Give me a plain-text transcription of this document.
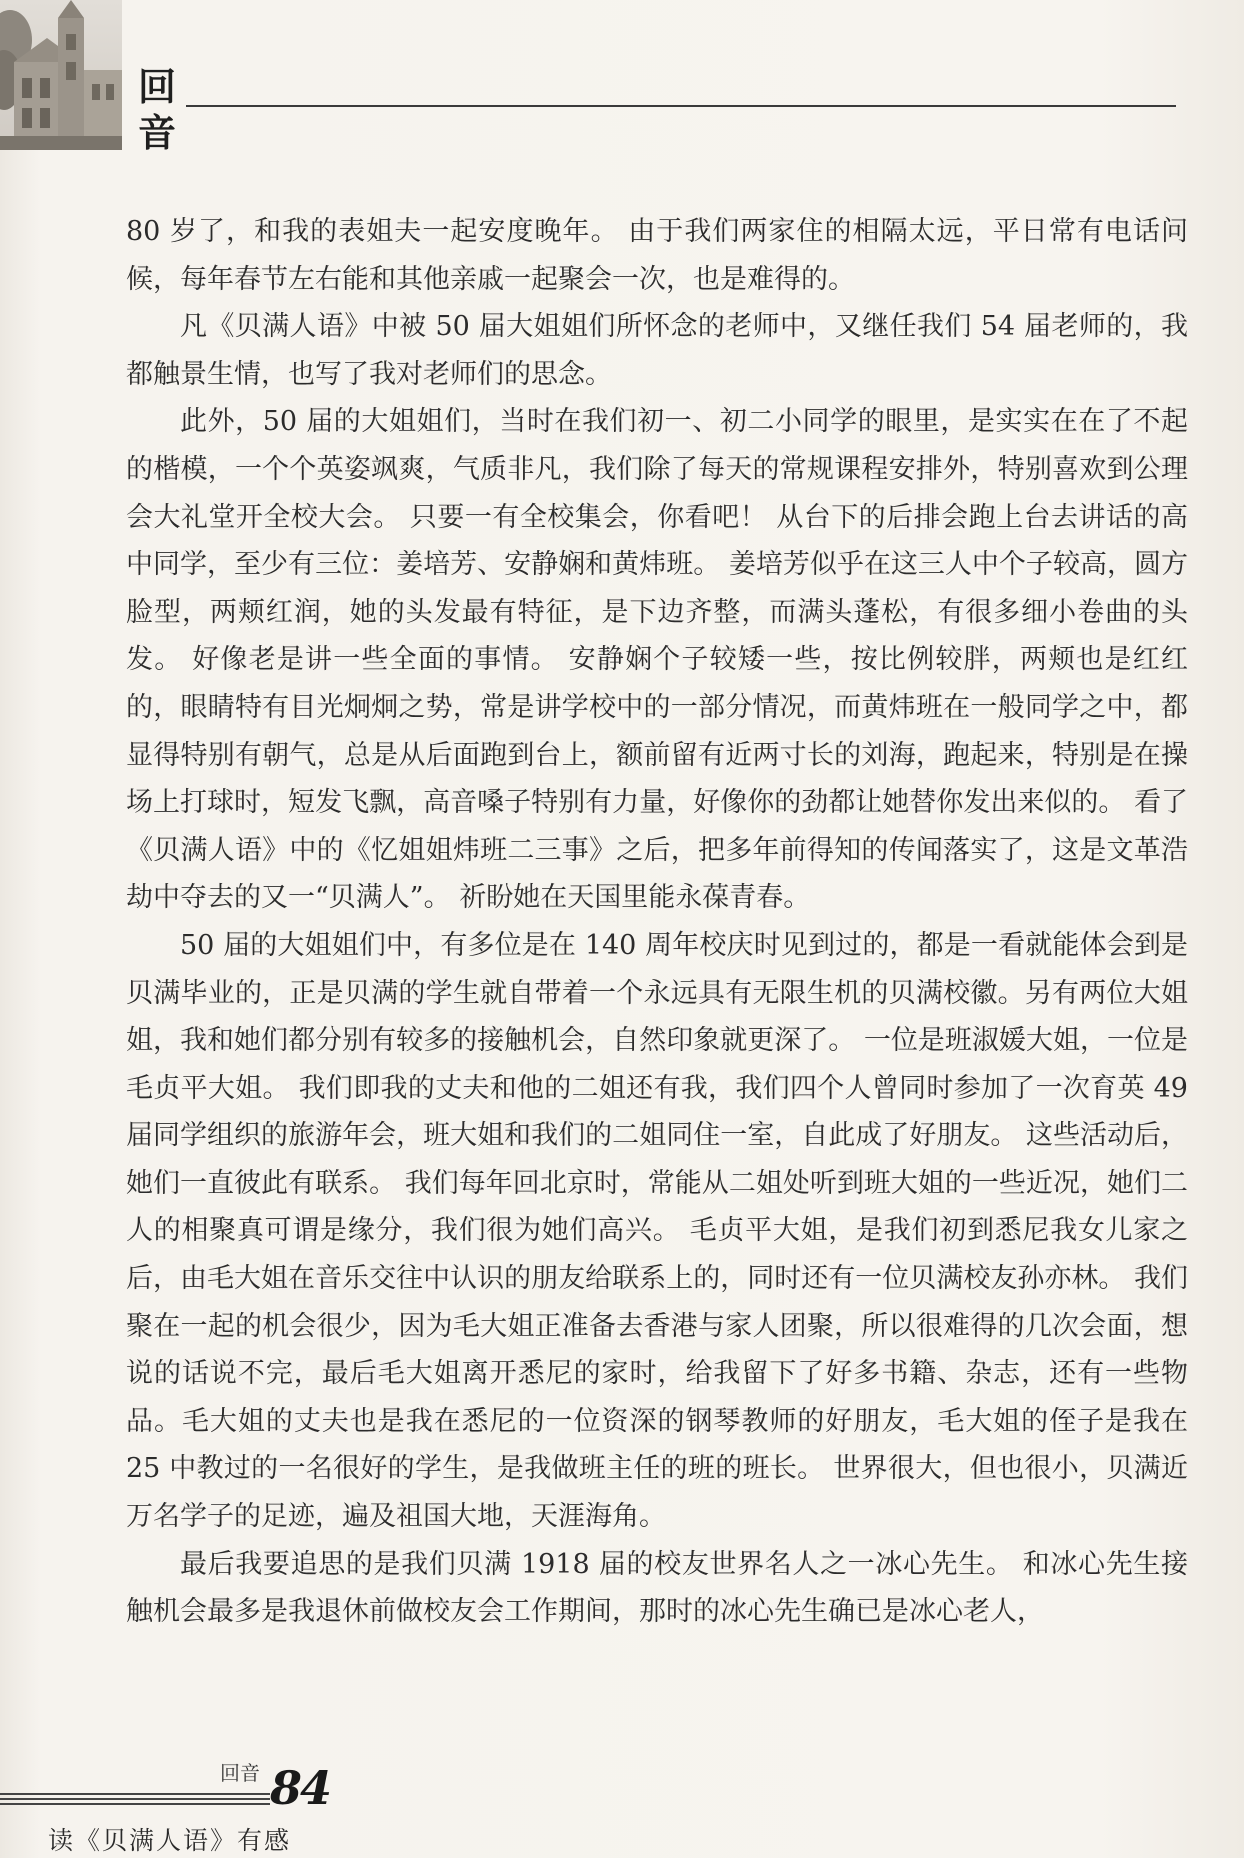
回
音

80 岁了，和我的表姐夫一起安度晚年。 由于我们两家住的相隔太远，平日常有电话问候，每年春节左右能和其他亲戚一起聚会一次，也是难得的。

凡《贝满人语》中被 50 届大姐姐们所怀念的老师中，又继任我们 54 届老师的，我都触景生情，也写了我对老师们的思念。

此外，50 届的大姐姐们，当时在我们初一、初二小同学的眼里，是实实在在了不起的楷模，一个个英姿飒爽，气质非凡，我们除了每天的常规课程安排外，特别喜欢到公理会大礼堂开全校大会。 只要一有全校集会，你看吧！ 从台下的后排会跑上台去讲话的高中同学，至少有三位：姜培芳、安静娴和黄炜班。 姜培芳似乎在这三人中个子较高，圆方脸型，两颊红润，她的头发最有特征，是下边齐整，而满头蓬松，有很多细小卷曲的头发。 好像老是讲一些全面的事情。 安静娴个子较矮一些，按比例较胖，两颊也是红红的，眼睛特有目光炯炯之势，常是讲学校中的一部分情况，而黄炜班在一般同学之中，都显得特别有朝气，总是从后面跑到台上，额前留有近两寸长的刘海，跑起来，特别是在操场上打球时，短发飞飘，高音嗓子特别有力量，好像你的劲都让她替你发出来似的。 看了《贝满人语》中的《忆姐姐炜班二三事》之后，把多年前得知的传闻落实了，这是文革浩劫中夺去的又一“贝满人”。 祈盼她在天国里能永葆青春。

50 届的大姐姐们中，有多位是在 140 周年校庆时见到过的，都是一看就能体会到是贝满毕业的，正是贝满的学生就自带着一个永远具有无限生机的贝满校徽。另有两位大姐姐，我和她们都分别有较多的接触机会，自然印象就更深了。 一位是班淑媛大姐，一位是毛贞平大姐。 我们即我的丈夫和他的二姐还有我，我们四个人曾同时参加了一次育英 49 届同学组织的旅游年会，班大姐和我们的二姐同住一室，自此成了好朋友。 这些活动后，她们一直彼此有联系。 我们每年回北京时，常能从二姐处听到班大姐的一些近况，她们二人的相聚真可谓是缘分，我们很为她们高兴。 毛贞平大姐，是我们初到悉尼我女儿家之后，由毛大姐在音乐交往中认识的朋友给联系上的，同时还有一位贝满校友孙亦林。 我们聚在一起的机会很少，因为毛大姐正准备去香港与家人团聚，所以很难得的几次会面，想说的话说不完，最后毛大姐离开悉尼的家时，给我留下了好多书籍、杂志，还有一些物品。毛大姐的丈夫也是我在悉尼的一位资深的钢琴教师的好朋友，毛大姐的侄子是我在 25 中教过的一名很好的学生，是我做班主任的班的班长。 世界很大，但也很小，贝满近万名学子的足迹，遍及祖国大地，天涯海角。

最后我要追思的是我们贝满 1918 届的校友世界名人之一冰心先生。 和冰心先生接触机会最多是我退休前做校友会工作期间，那时的冰心先生确已是冰心老人，

回音 84
读《贝满人语》有感
